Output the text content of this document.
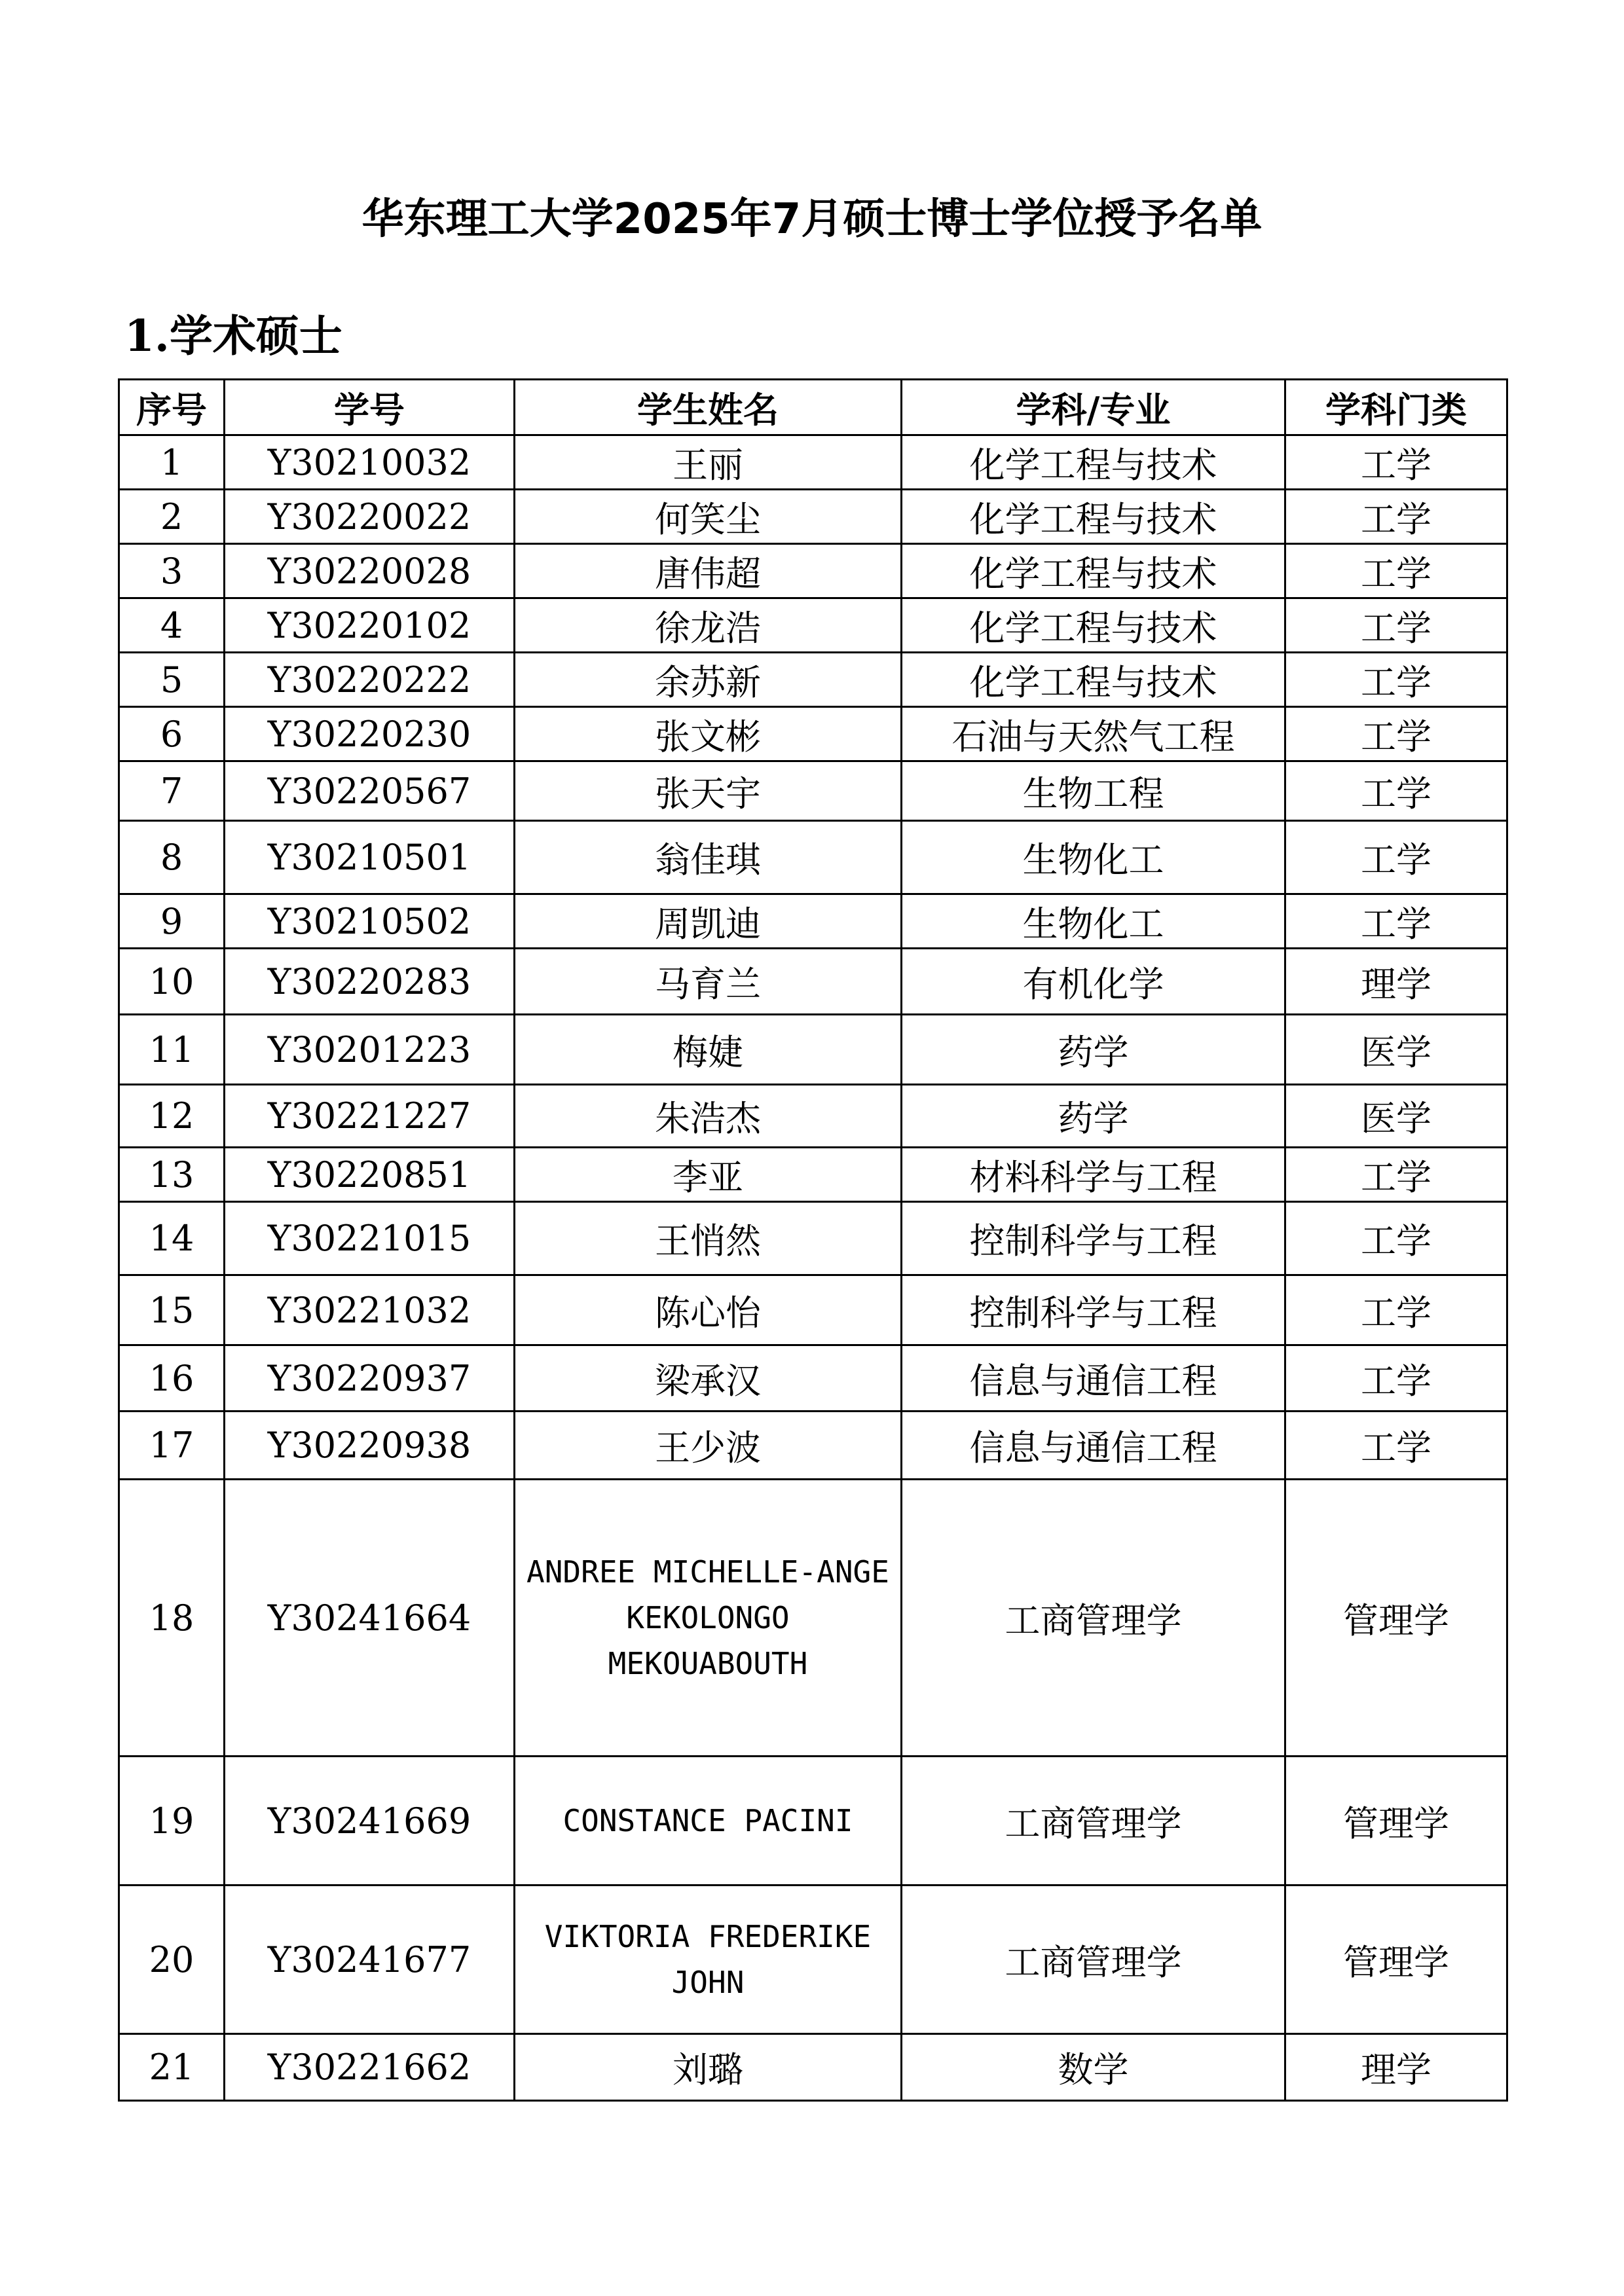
华东理工大学2025年7月硕士博士学位授予名单
1.学术硕士
序号	学号	学生姓名	学科/专业	学科门类
1	Y30210032	王丽	化学工程与技术	工学
2	Y30220022	何笑尘	化学工程与技术	工学
3	Y30220028	唐伟超	化学工程与技术	工学
4	Y30220102	徐龙浩	化学工程与技术	工学
5	Y30220222	余苏新	化学工程与技术	工学
6	Y30220230	张文彬	石油与天然气工程	工学
7	Y30220567	张天宇	生物工程	工学
8	Y30210501	翁佳琪	生物化工	工学
9	Y30210502	周凯迪	生物化工	工学
10	Y30220283	马育兰	有机化学	理学
11	Y30201223	梅婕	药学	医学
12	Y30221227	朱浩杰	药学	医学
13	Y30220851	李亚	材料科学与工程	工学
14	Y30221015	王悄然	控制科学与工程	工学
15	Y30221032	陈心怡	控制科学与工程	工学
16	Y30220937	梁承汉	信息与通信工程	工学
17	Y30220938	王少波	信息与通信工程	工学
18	Y30241664	ANDREE MICHELLE-ANGE KEKOLONGO MEKOUABOUTH	工商管理学	管理学
19	Y30241669	CONSTANCE PACINI	工商管理学	管理学
20	Y30241677	VIKTORIA FREDERIKE JOHN	工商管理学	管理学
21	Y30221662	刘璐	数学	理学
